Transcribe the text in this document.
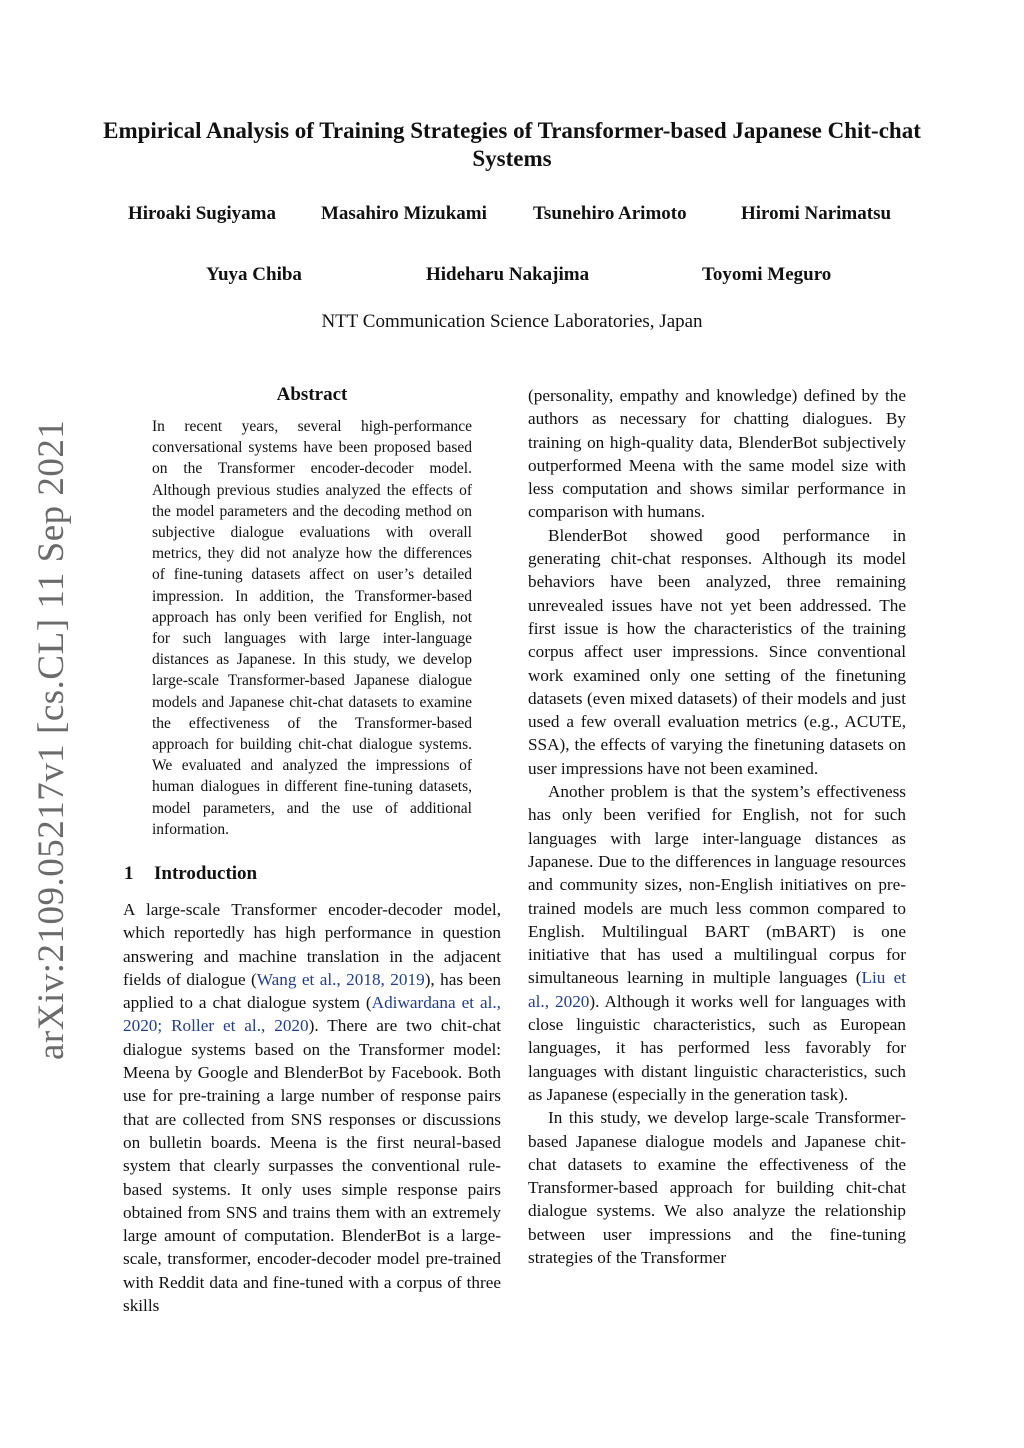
arXiv:2109.05217v1 [cs.CL] 11 Sep 2021
Empirical Analysis of Training Strategies of Transformer-based Japanese Chit-chat Systems
Hiroaki Sugiyama Masahiro Mizukami Tsunehiro Arimoto	Hiromi Narimatsu
Yuya Chiba	Hideharu Nakajima	Toyomi Meguro
NTT Communication Science Laboratories, Japan
Abstract

In recent years, several high-performance conversational systems have been proposed based on the Transformer encoder-decoder model. Although previous studies analyzed the effects of the model parameters and the decoding method on subjective dialogue evaluations with overall metrics, they did not analyze how the differences of fine-tuning datasets affect on user’s detailed impression. In addition, the Transformer-based approach has only been verified for English, not for such languages with large inter-language distances as Japanese. In this study, we develop large-scale Transformer-based Japanese dialogue models and Japanese chit-chat datasets to examine the effectiveness of the Transformer-based approach for building chit-chat dialogue systems. We evaluated and analyzed the impressions of human dialogues in different fine-tuning datasets, model parameters, and the use of additional information.

1 Introduction

A large-scale Transformer encoder-decoder model, which reportedly has high performance in question answering and machine translation in the adjacent fields of dialogue (Wang et al., 2018, 2019), has been applied to a chat dialogue system (Adiwardana et al., 2020; Roller et al., 2020). There are two chit-chat dialogue systems based on the Transformer model: Meena by Google and BlenderBot by Facebook. Both use for pre-training a large number of response pairs that are collected from SNS responses or discussions on bulletin boards. Meena is the first neural-based system that clearly surpasses the conventional rule-based systems. It only uses simple response pairs obtained from SNS and trains them with an extremely large amount of computation. BlenderBot is a large-scale, transformer, encoder-decoder model pre-trained with Reddit data and fine-tuned with a corpus of three skills

(personality, empathy and knowledge) defined by the authors as necessary for chatting dialogues. By training on high-quality data, BlenderBot subjectively outperformed Meena with the same model size with less computation and shows similar performance in comparison with humans.

BlenderBot showed good performance in generating chit-chat responses. Although its model behaviors have been analyzed, three remaining unrevealed issues have not yet been addressed. The first issue is how the characteristics of the training corpus affect user impressions. Since conventional work examined only one setting of the finetuning datasets (even mixed datasets) of their models and just used a few overall evaluation metrics (e.g., ACUTE, SSA), the effects of varying the finetuning datasets on user impressions have not been examined.

Another problem is that the system’s effectiveness has only been verified for English, not for such languages with large inter-language distances as Japanese. Due to the differences in language resources and community sizes, non-English initiatives on pre-trained models are much less common compared to English. Multilingual BART (mBART) is one initiative that has used a multilingual corpus for simultaneous learning in multiple languages (Liu et al., 2020). Although it works well for languages with close linguistic characteristics, such as European languages, it has performed less favorably for languages with distant linguistic characteristics, such as Japanese (especially in the generation task).

In this study, we develop large-scale Transformer-based Japanese dialogue models and Japanese chit-chat datasets to examine the effectiveness of the Transformer-based approach for building chit-chat dialogue systems. We also analyze the relationship between user impressions and the fine-tuning strategies of the Transformer
